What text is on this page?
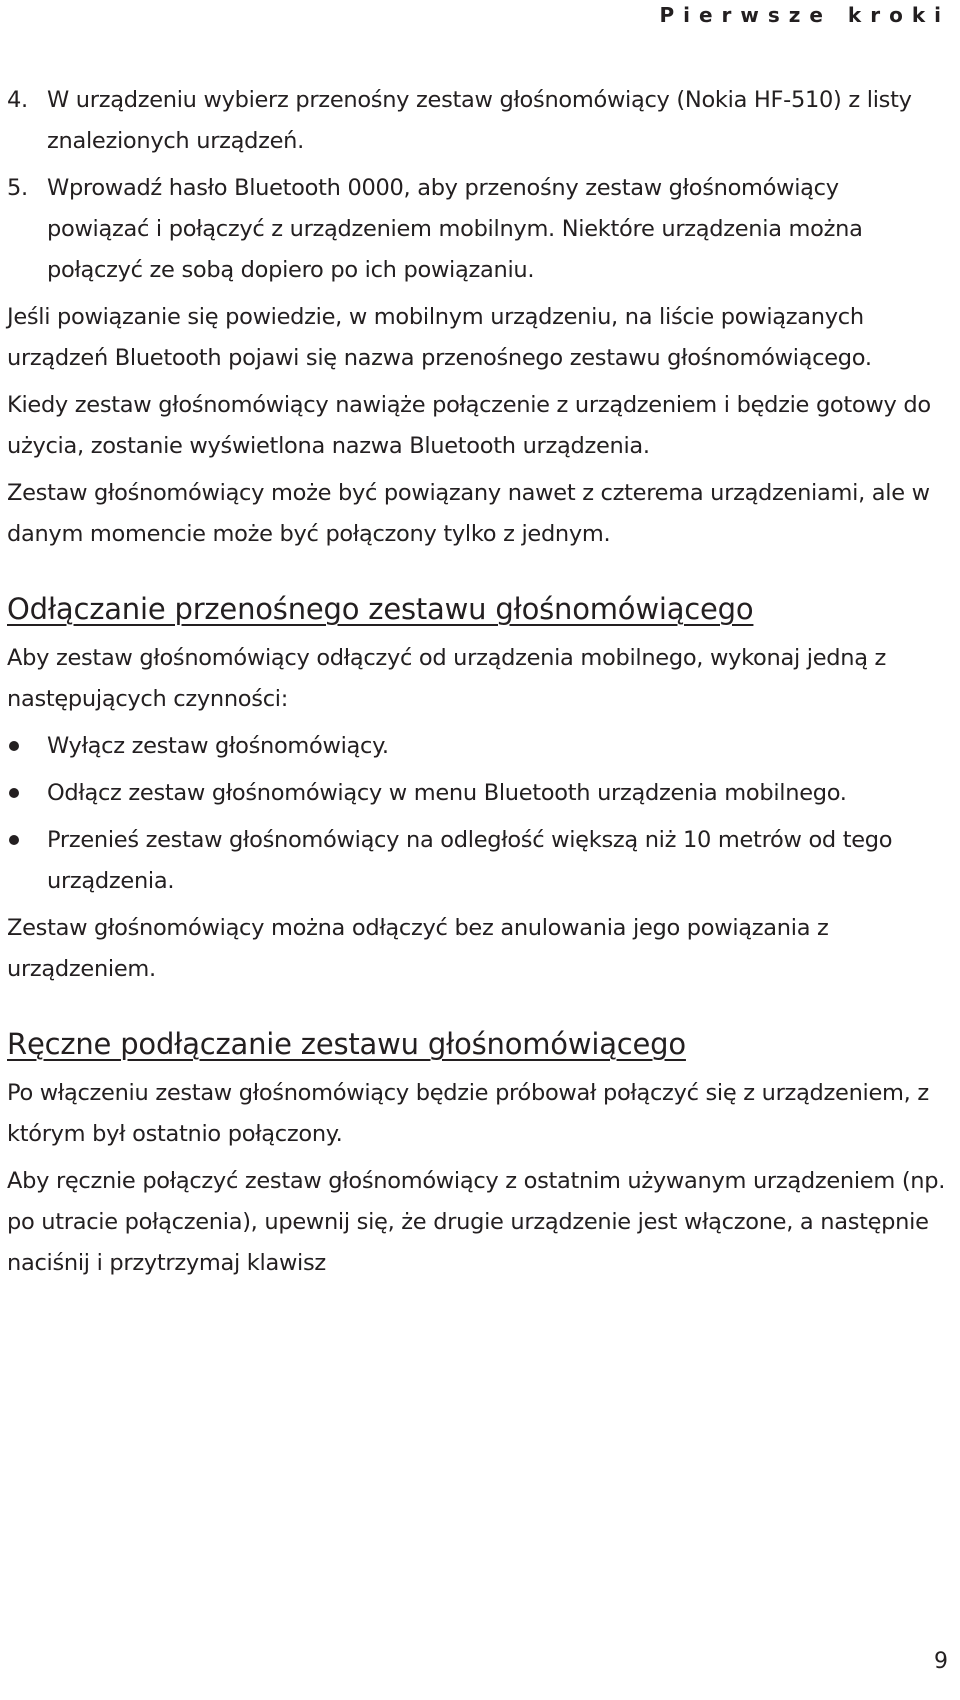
Pierwsze kroki
4. W urządzeniu wybierz przenośny zestaw głośnomówiący (Nokia HF-510) z listy znalezionych urządzeń.
5. Wprowadź hasło Bluetooth 0000, aby przenośny zestaw głośnomówiący powiązać i połączyć z urządzeniem mobilnym. Niektóre urządzenia można połączyć ze sobą dopiero po ich powiązaniu.

Jeśli powiązanie się powiedzie, w mobilnym urządzeniu, na liście powiązanych urządzeń Bluetooth pojawi się nazwa przenośnego zestawu głośnomówiącego.

Kiedy zestaw głośnomówiący nawiąże połączenie z urządzeniem i będzie gotowy do użycia, zostanie wyświetlona nazwa Bluetooth urządzenia.

Zestaw głośnomówiący może być powiązany nawet z czterema urządzeniami, ale w danym momencie może być połączony tylko z jednym.

Odłączanie przenośnego zestawu głośnomówiącego

Aby zestaw głośnomówiący odłączyć od urządzenia mobilnego, wykonaj jedną z następujących czynności:

Wyłącz zestaw głośnomówiący.
Odłącz zestaw głośnomówiący w menu Bluetooth urządzenia mobilnego.
Przenieś zestaw głośnomówiący na odległość większą niż 10 metrów od tego urządzenia.

Zestaw głośnomówiący można odłączyć bez anulowania jego powiązania z urządzeniem.

Ręczne podłączanie zestawu głośnomówiącego

Po włączeniu zestaw głośnomówiący będzie próbował połączyć się z urządzeniem, z którym był ostatnio połączony.

Aby ręcznie połączyć zestaw głośnomówiący z ostatnim używanym urządzeniem (np. po utracie połączenia), upewnij się, że drugie urządzenie jest włączone, a następnie naciśnij i przytrzymaj klawisz

9
